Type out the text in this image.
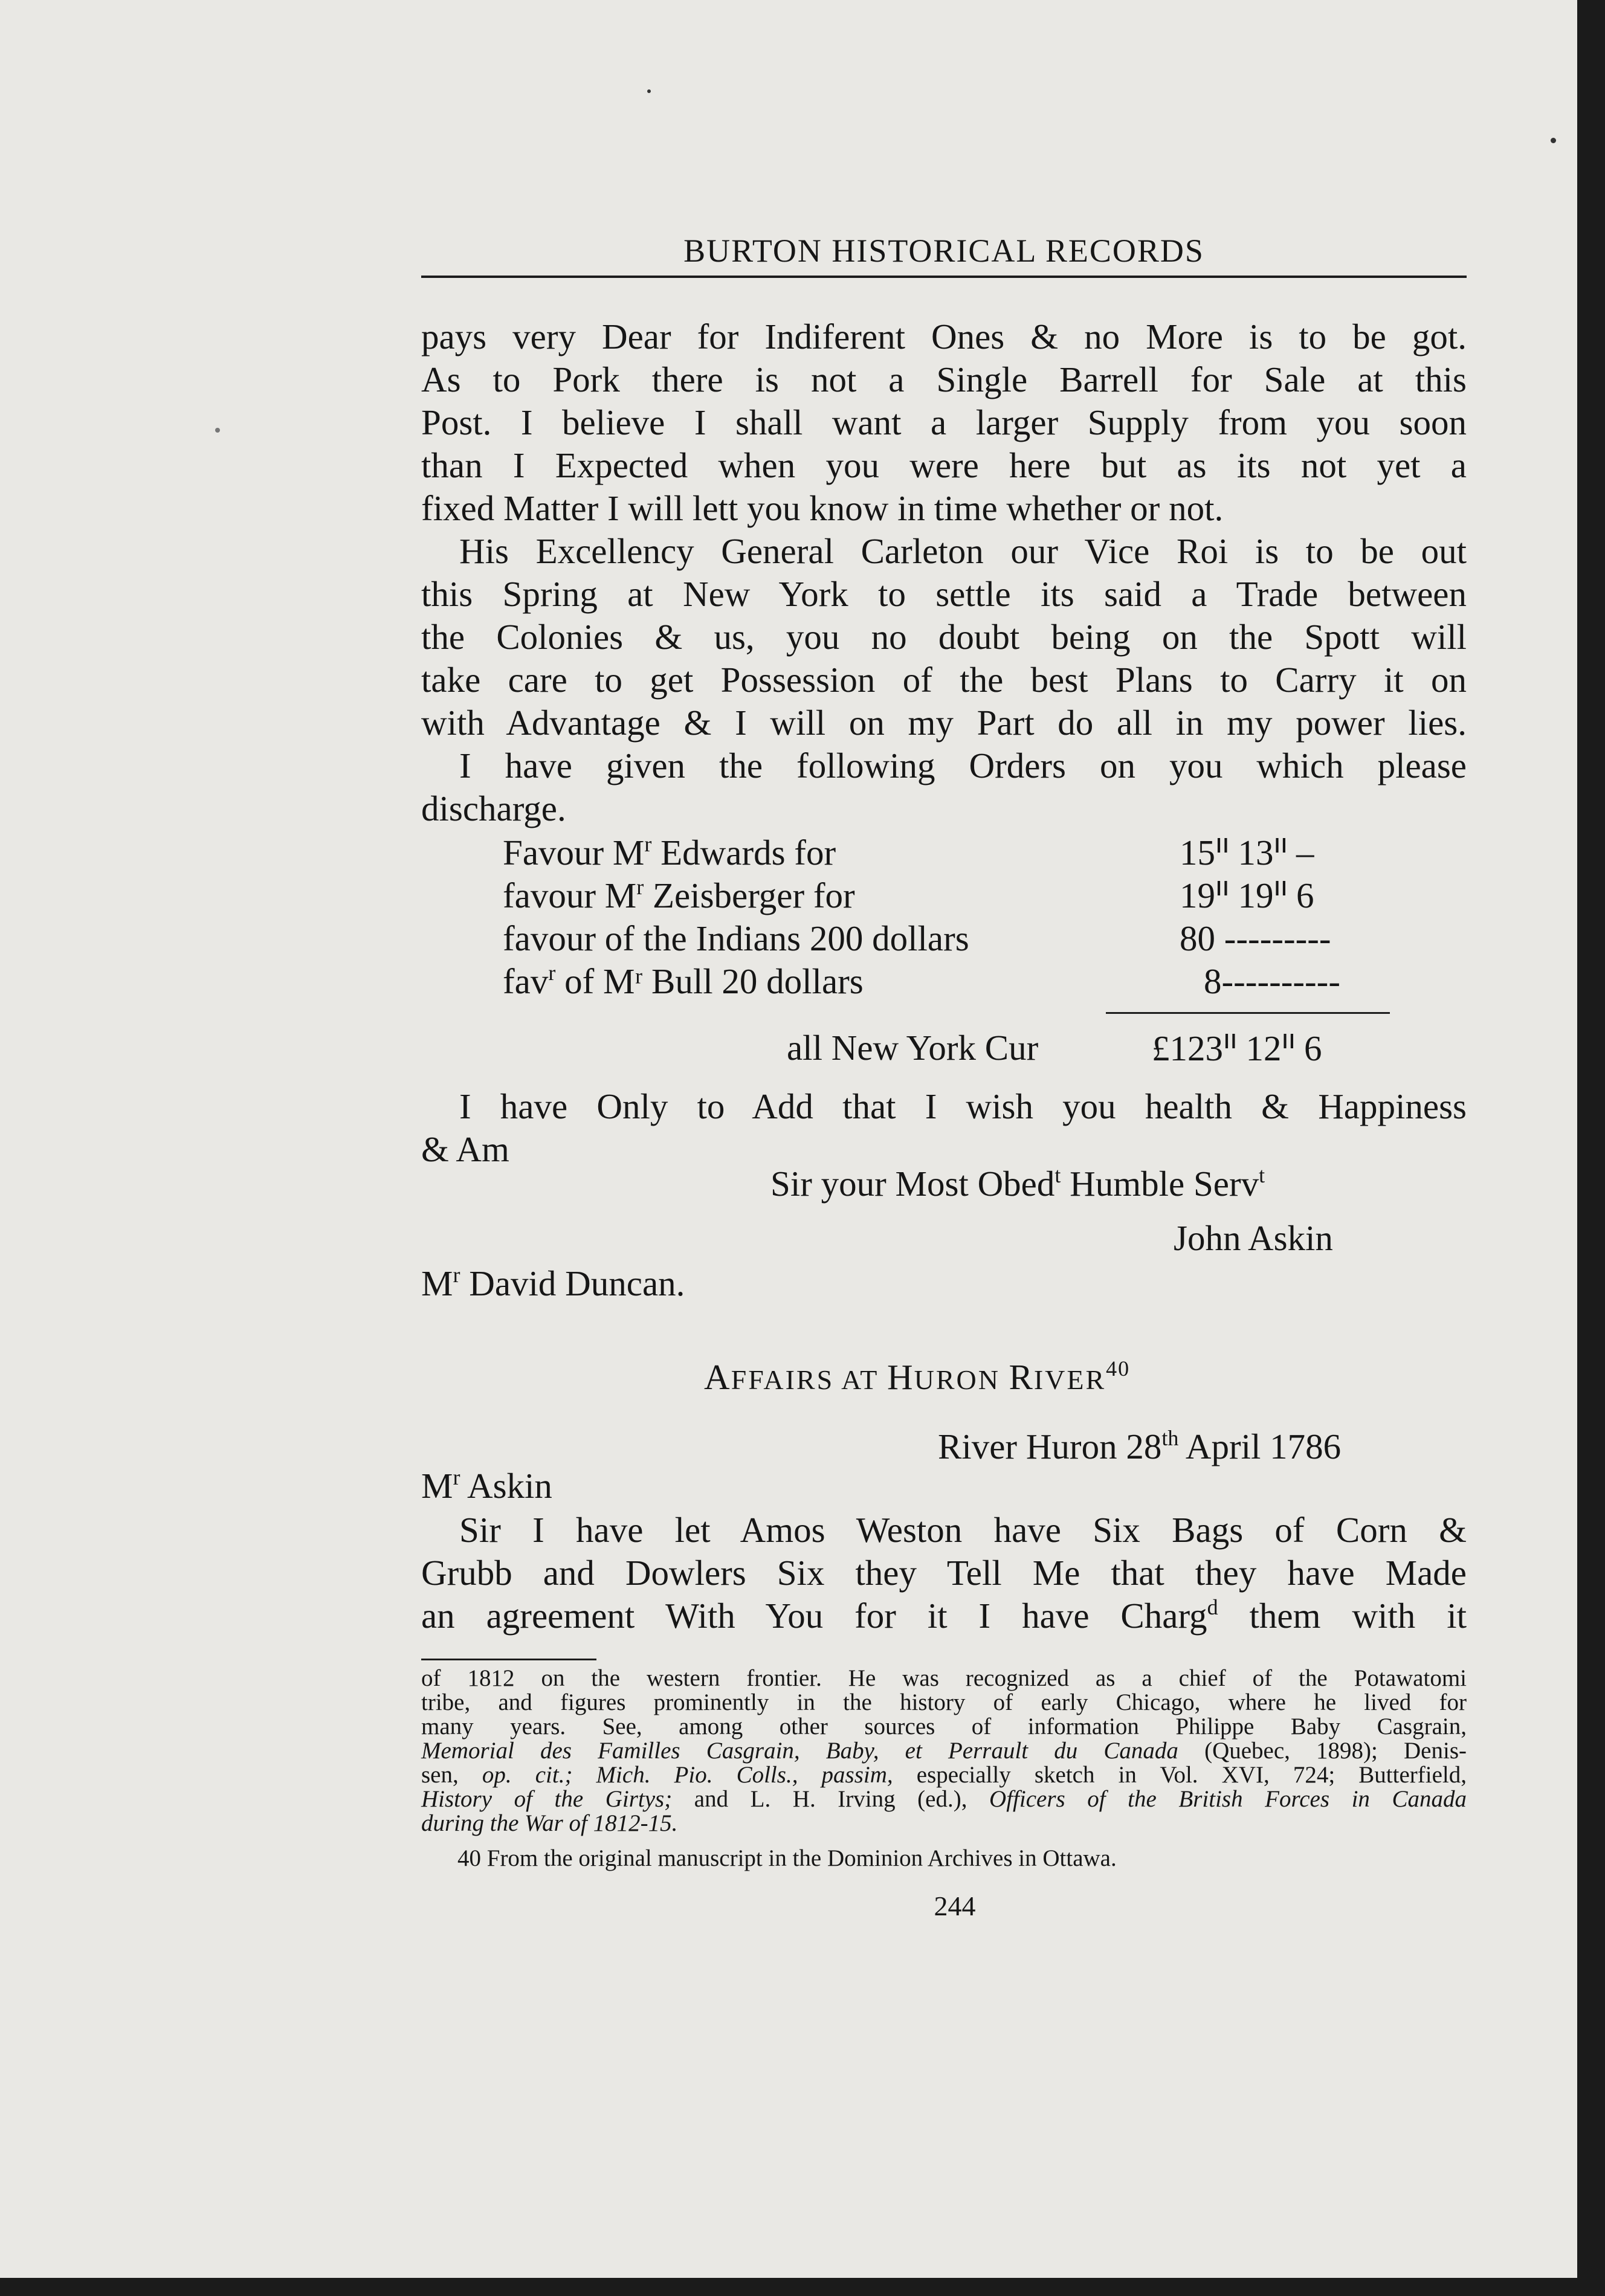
BURTON HISTORICAL RECORDS
pays very Dear for Indiferent Ones & no More is to be got.
As to Pork there is not a Single Barrell for Sale at this
Post. I believe I shall want a larger Supply from you soon
than I Expected when you were here but as its not yet a
fixed Matter I will lett you know in time whether or not.
His Excellency General Carleton our Vice Roi is to be out
this Spring at New York to settle its said a Trade between
the Colonies & us, you no doubt being on the Spott will
take care to get Possession of the best Plans to Carry it on
with Advantage & I will on my Part do all in my power lies.
I have given the following Orders on you which please
discharge.
Favour $M^r$ Edwards for	15ᐦ 13ᐦ –
favour $M^r$ Zeisberger for	19ᐦ 19ᐦ 6
favour of the Indians 200 dollars	80 ---------
fav$^r$ of Mʳ Bull 20 dollars	8----------
all New York Cur	£123ᐦ 12ᐦ 6
I have Only to Add that I wish you health & Happiness
& Am
Sir your Most Obed$^t$ Humble Serv$^t$
John Askin
$M^r$ David Duncan.
AFFAIRS AT HURON RIVER$^{40}$
River Huron 28th April 1786
$M^r$ Askin
Sir I have let Amos Weston have Six Bags of Corn &
Grubb and Dowlers Six they Tell Me that they have Made
an agreement With You for it I have Charg$^d$ them with it
of 1812 on the western frontier. He was recognized as a chief of the Potawatomi
tribe, and figures prominently in the history of early Chicago, where he lived for
many years. See, among other sources of information Philippe Baby Casgrain,
Memorial des Familles Casgrain, Baby, et Perrault du Canada (Quebec, 1898); Denis-
sen, op. cit.; Mich. Pio. Colls., passim, especially sketch in Vol. XVI, 724; Butterfield,
History of the Girtys; and L. H. Irving (ed.), Officers of the British Forces in Canada
during the War of 1812-15.
40 From the original manuscript in the Dominion Archives in Ottawa.
244
